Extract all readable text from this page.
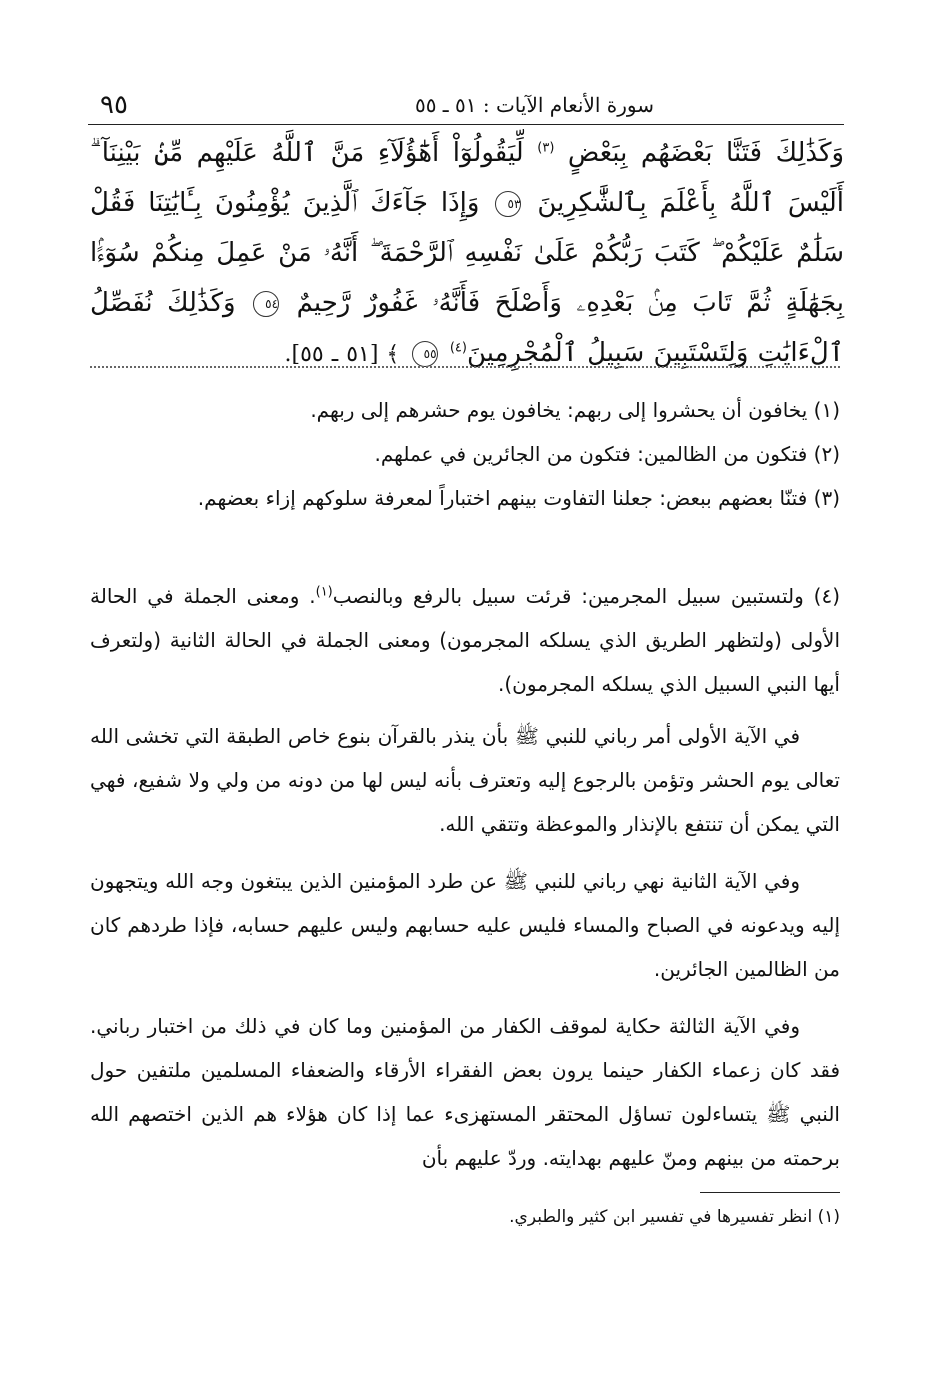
٩٥	سورة الأنعام الآيات : ٥١ ـ ٥٥
وَكَذَٰلِكَ فَتَنَّا بَعْضَهُم بِبَعْضٍ $^{(٣)}$ لِّيَقُولُوٓاْ أَهَٰٓؤُلَآءِ مَنَّ ٱللَّهُ عَلَيْهِم مِّنۢ بَيْنِنَآ ۗ أَلَيْسَ ٱللَّهُ بِأَعْلَمَ بِٱلشَّٰكِرِينَ ٥٣ وَإِذَا جَآءَكَ ٱلَّذِينَ يُؤْمِنُونَ بِـَٔايَٰتِنَا فَقُلْ سَلَٰمٌ عَلَيْكُمْ ۖ كَتَبَ رَبُّكُمْ عَلَىٰ نَفْسِهِ ٱلرَّحْمَةَ ۖ أَنَّهُۥ مَنْ عَمِلَ مِنكُمْ سُوٓءًۢا بِجَهَٰلَةٍ ثُمَّ تَابَ مِنۢ بَعْدِهِۦ وَأَصْلَحَ فَأَنَّهُۥ غَفُورٌ رَّحِيمٌ ٥٤ وَكَذَٰلِكَ نُفَصِّلُ ٱلْءَايَٰتِ وَلِتَسْتَبِينَ سَبِيلُ ٱلْمُجْرِمِينَ$^{(٤)}$ ٥٥ ﴾ [٥١ ـ ٥٥].
(١) يخافون أن يحشروا إلى ربهم: يخافون يوم حشرهم إلى ربهم.
(٢) فتكون من الظالمين: فتكون من الجائرين في عملهم.
(٣) فتنّا بعضهم ببعض: جعلنا التفاوت بينهم اختباراً لمعرفة سلوكهم إزاء بعضهم.
(٤) ولتستبين سبيل المجرمين: قرئت سبيل بالرفع وبالنصب$^{(١)}$. ومعنى الجملة في الحالة الأولى (ولتظهر الطريق الذي يسلكه المجرمون) ومعنى الجملة في الحالة الثانية (ولتعرف أيها النبي السبيل الذي يسلكه المجرمون).

في الآية الأولى أمر رباني للنبي ﷺ بأن ينذر بالقرآن بنوع خاص الطبقة التي تخشى الله تعالى يوم الحشر وتؤمن بالرجوع إليه وتعترف بأنه ليس لها من دونه من ولي ولا شفيع، فهي التي يمكن أن تنتفع بالإنذار والموعظة وتتقي الله.

وفي الآية الثانية نهي رباني للنبي ﷺ عن طرد المؤمنين الذين يبتغون وجه الله ويتجهون إليه ويدعونه في الصباح والمساء فليس عليه حسابهم وليس عليهم حسابه، فإذا طردهم كان من الظالمين الجائرين.

وفي الآية الثالثة حكاية لموقف الكفار من المؤمنين وما كان في ذلك من اختبار رباني. فقد كان زعماء الكفار حينما يرون بعض الفقراء الأرقاء والضعفاء المسلمين ملتفين حول النبي ﷺ يتساءلون تساؤل المحتقر المستهزىء عما إذا كان هؤلاء هم الذين اختصهم الله برحمته من بينهم ومنّ عليهم بهدايته. وردّ عليهم بأن

(١) انظر تفسيرها في تفسير ابن كثير والطبري.
